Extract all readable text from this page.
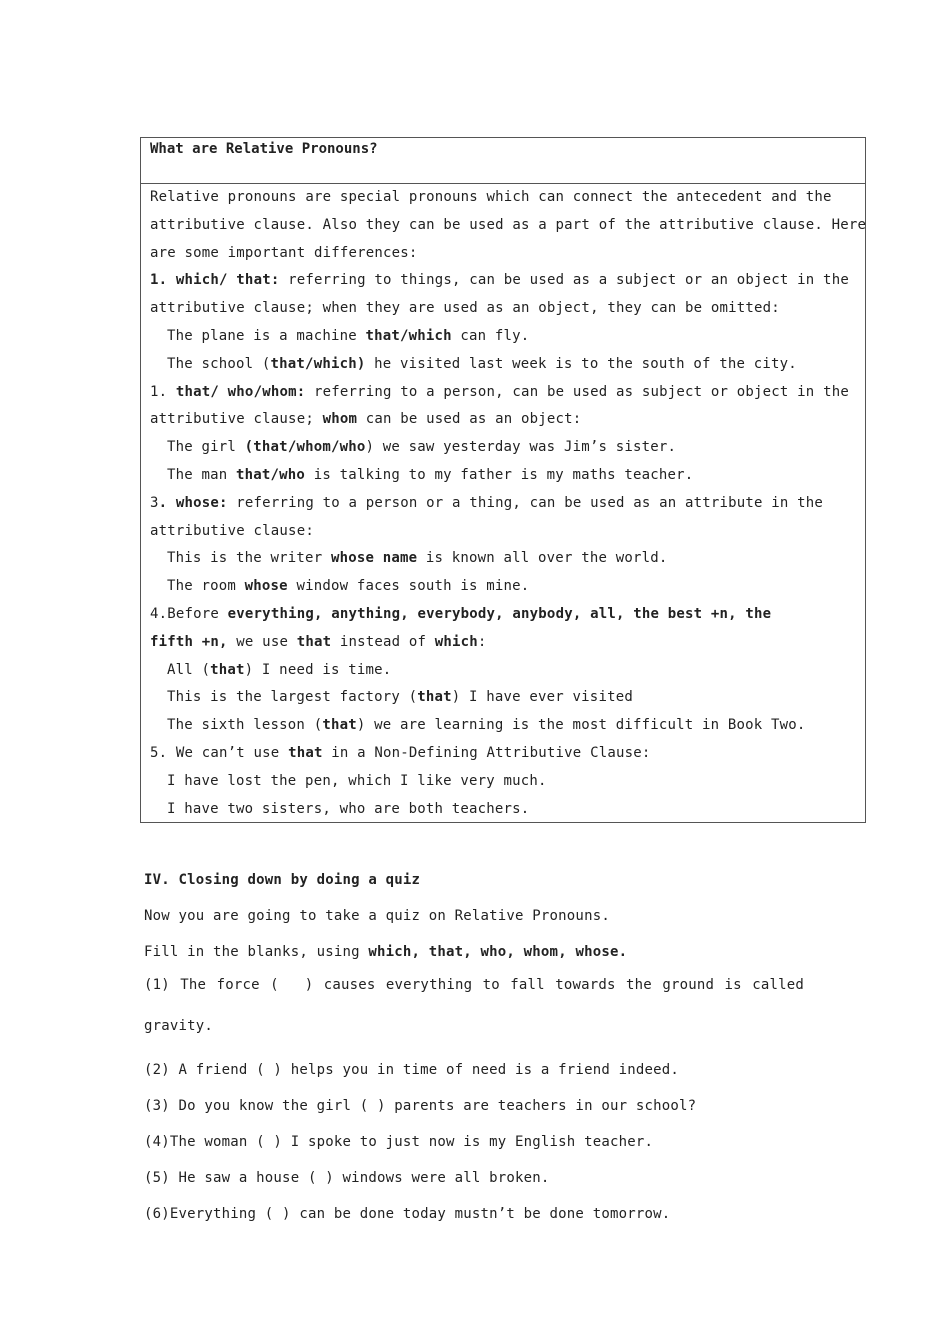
What are Relative Pronouns?
Relative pronouns are special pronouns which can connect the antecedent and the
attributive clause. Also they can be used as a part of the attributive clause. Here
are some important differences:
1. which/ that: referring to things, can be used as a subject or an object in the
attributive clause; when they are used as an object, they can be omitted:
The plane is a machine that/which can fly.
The school (that/which) he visited last week is to the south of the city.
1. that/ who/whom: referring to a person, can be used as subject or object in the
attributive clause; whom can be used as an object:
The girl (that/whom/who) we saw yesterday was Jim’s sister.
The man that/who is talking to my father is my maths teacher.
3. whose: referring to a person or a thing, can be used as an attribute in the
attributive clause:
This is the writer whose name is known all over the world.
The room whose window faces south is mine.
4.Before everything, anything, everybody, anybody, all, the best +n, the
fifth +n, we use that instead of which:
All (that) I need is time.
This is the largest factory (that) I have ever visited
The sixth lesson (that) we are learning is the most difficult in Book Two.
5. We can’t use that in a Non-Defining Attributive Clause:
I have lost the pen, which I like very much.
I have two sisters, who are both teachers.
IV. Closing down by doing a quiz
Now you are going to take a quiz on Relative Pronouns.
Fill in the blanks, using which, that, who, whom, whose.
(1) The force ( ) causes everything to fall towards the ground is called
gravity.
(2) A friend ( ) helps you in time of need is a friend indeed.
(3) Do you know the girl ( ) parents are teachers in our school?
(4)The woman ( ) I spoke to just now is my English teacher.
(5) He saw a house ( ) windows were all broken.
(6)Everything ( ) can be done today mustn’t be done tomorrow.
